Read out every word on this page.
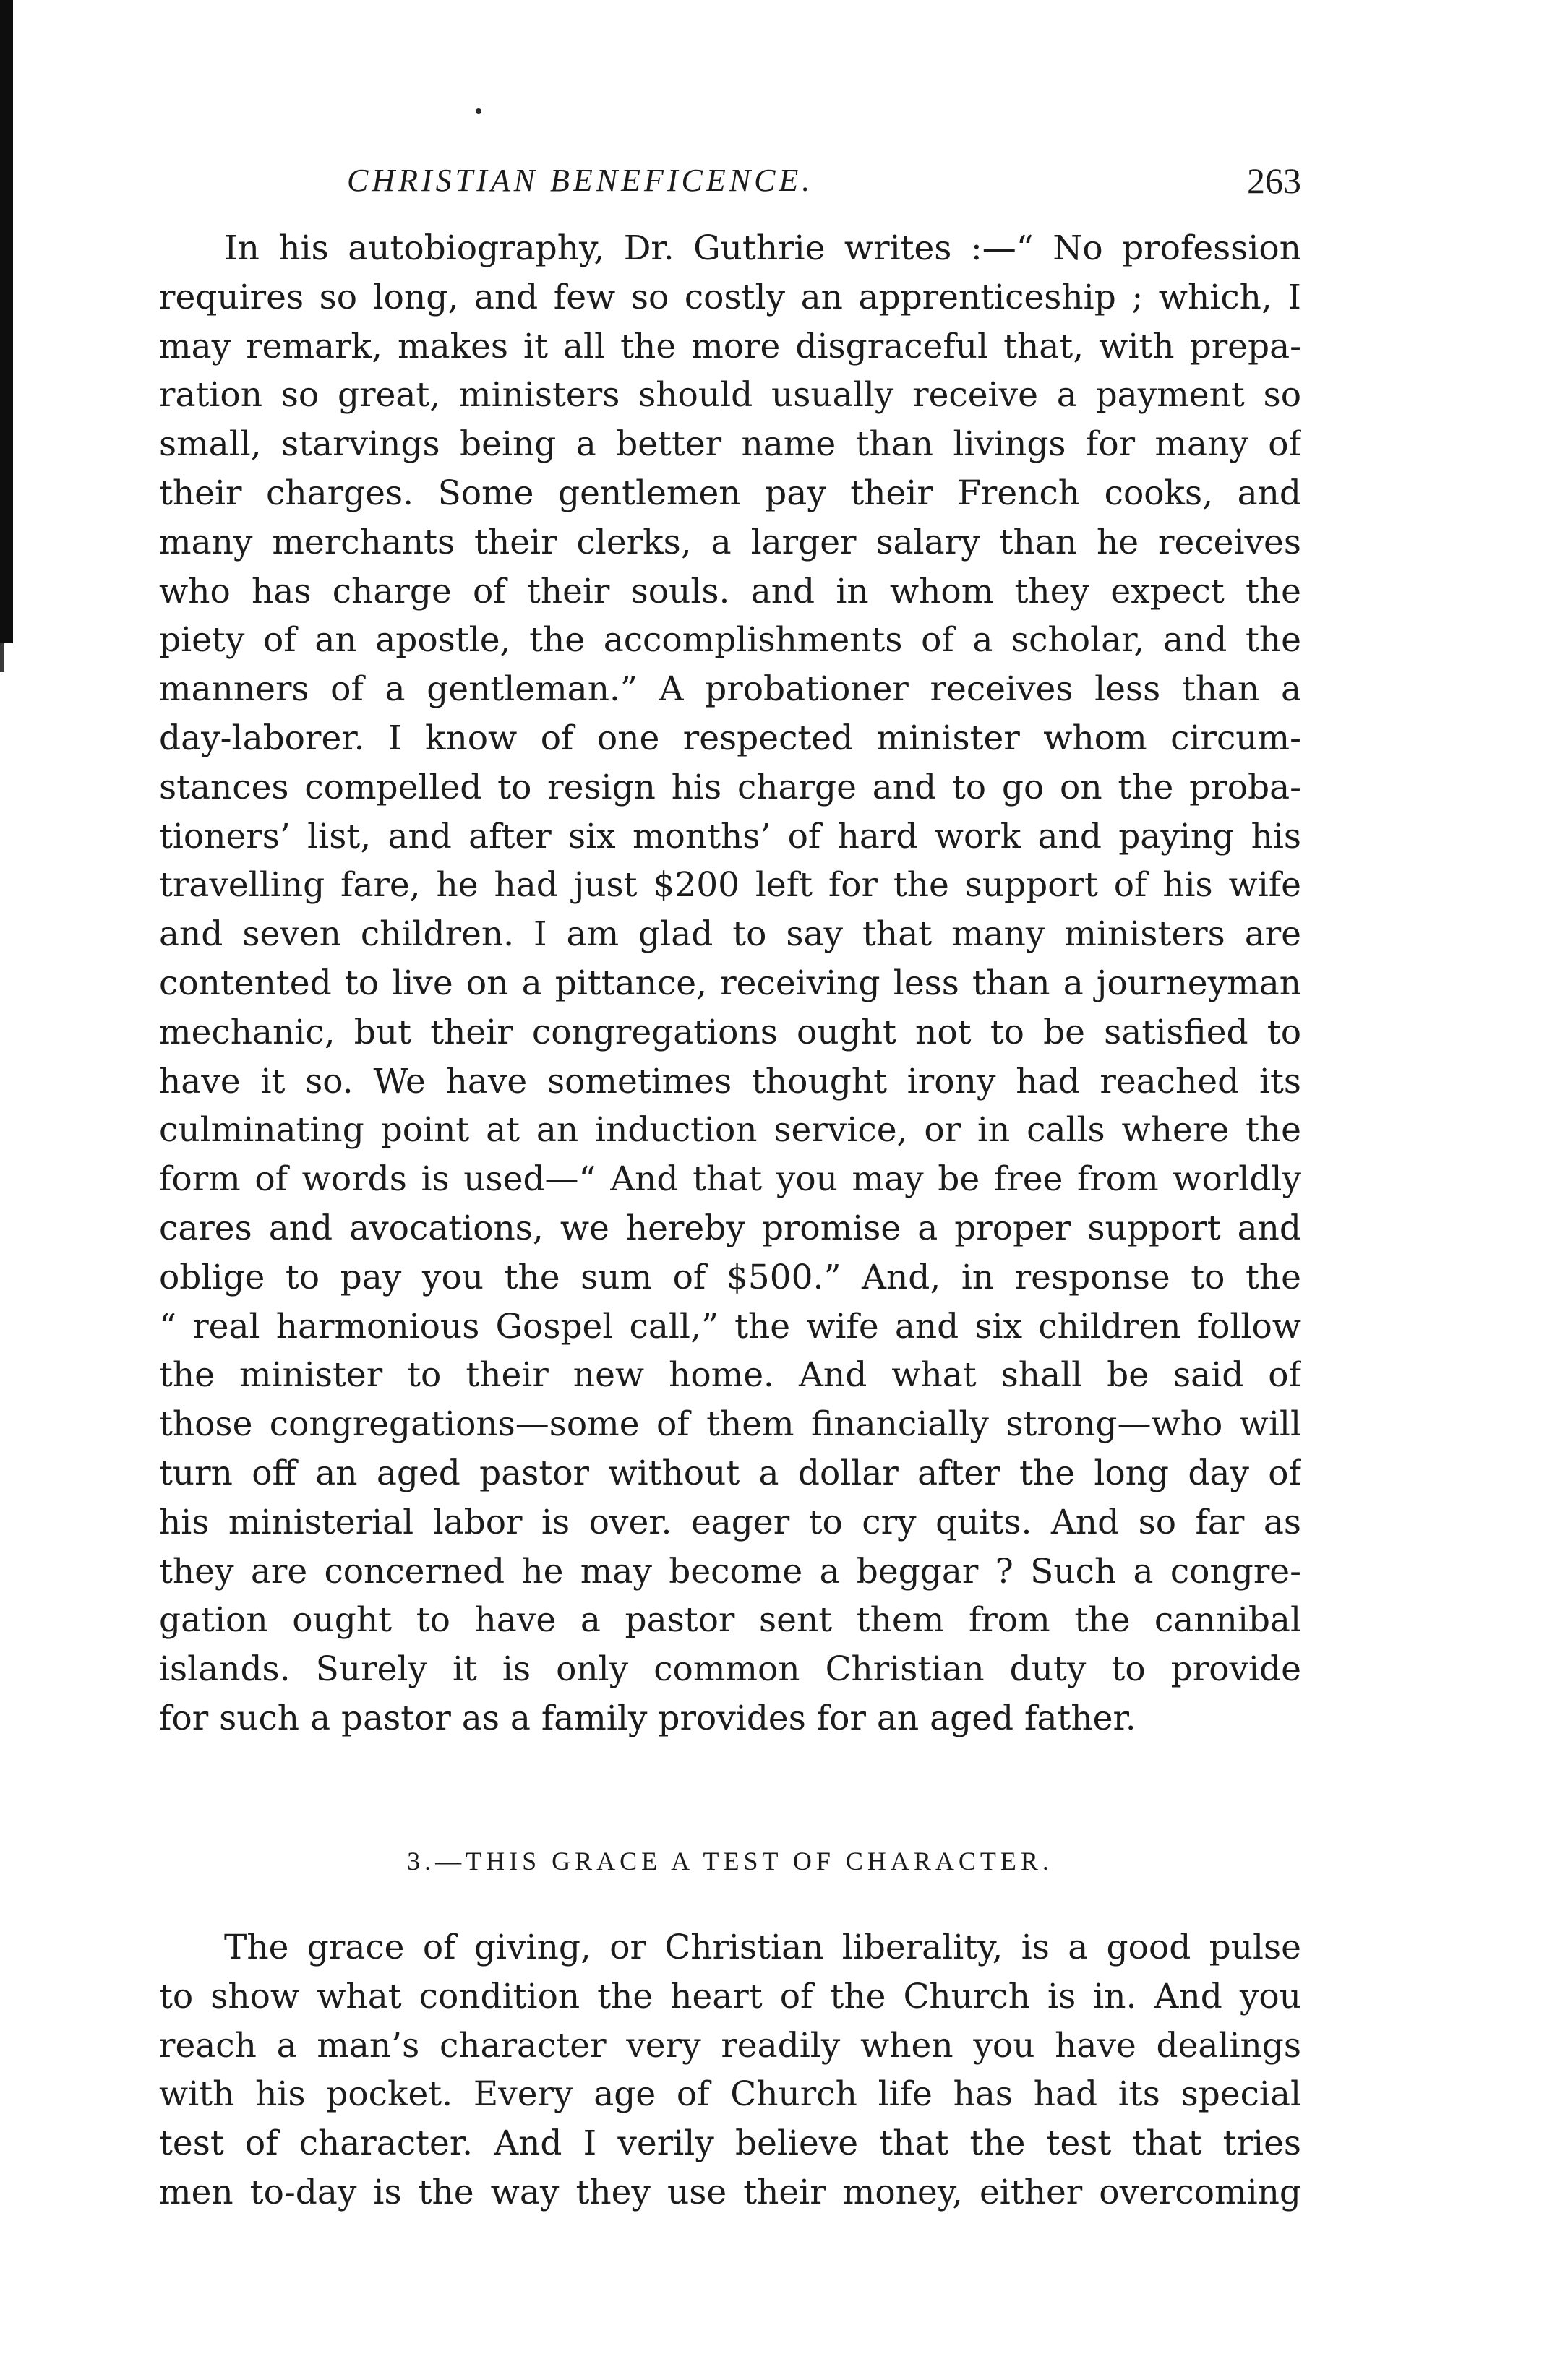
CHRISTIAN BENEFICENCE.	263
In his autobiography, Dr. Guthrie writes :—“ No profession
requires so long, and few so costly an apprenticeship ; which, I
may remark, makes it all the more disgraceful that, with prepa-
ration so great, ministers should usually receive a payment so
small, starvings being a better name than livings for many of
their charges. Some gentlemen pay their French cooks, and
many merchants their clerks, a larger salary than he receives
who has charge of their souls. and in whom they expect the
piety of an apostle, the accomplishments of a scholar, and the
manners of a gentleman.” A probationer receives less than a
day-laborer. I know of one respected minister whom circum-
stances compelled to resign his charge and to go on the proba-
tioners’ list, and after six months’ of hard work and paying his
travelling fare, he had just $200 left for the support of his wife
and seven children. I am glad to say that many ministers are
contented to live on a pittance, receiving less than a journeyman
mechanic, but their congregations ought not to be satisfied to
have it so. We have sometimes thought irony had reached its
culminating point at an induction service, or in calls where the
form of words is used—“ And that you may be free from worldly
cares and avocations, we hereby promise a proper support and
oblige to pay you the sum of $500.” And, in response to the
“ real harmonious Gospel call,” the wife and six children follow
the minister to their new home. And what shall be said of
those congregations—some of them financially strong—who will
turn off an aged pastor without a dollar after the long day of
his ministerial labor is over. eager to cry quits. And so far as
they are concerned he may become a beggar ? Such a congre-
gation ought to have a pastor sent them from the cannibal
islands. Surely it is only common Christian duty to provide
for such a pastor as a family provides for an aged father.
3.—THIS GRACE A TEST OF CHARACTER.
The grace of giving, or Christian liberality, is a good pulse
to show what condition the heart of the Church is in. And you
reach a man’s character very readily when you have dealings
with his pocket. Every age of Church life has had its special
test of character. And I verily believe that the test that tries
men to-day is the way they use their money, either overcoming
